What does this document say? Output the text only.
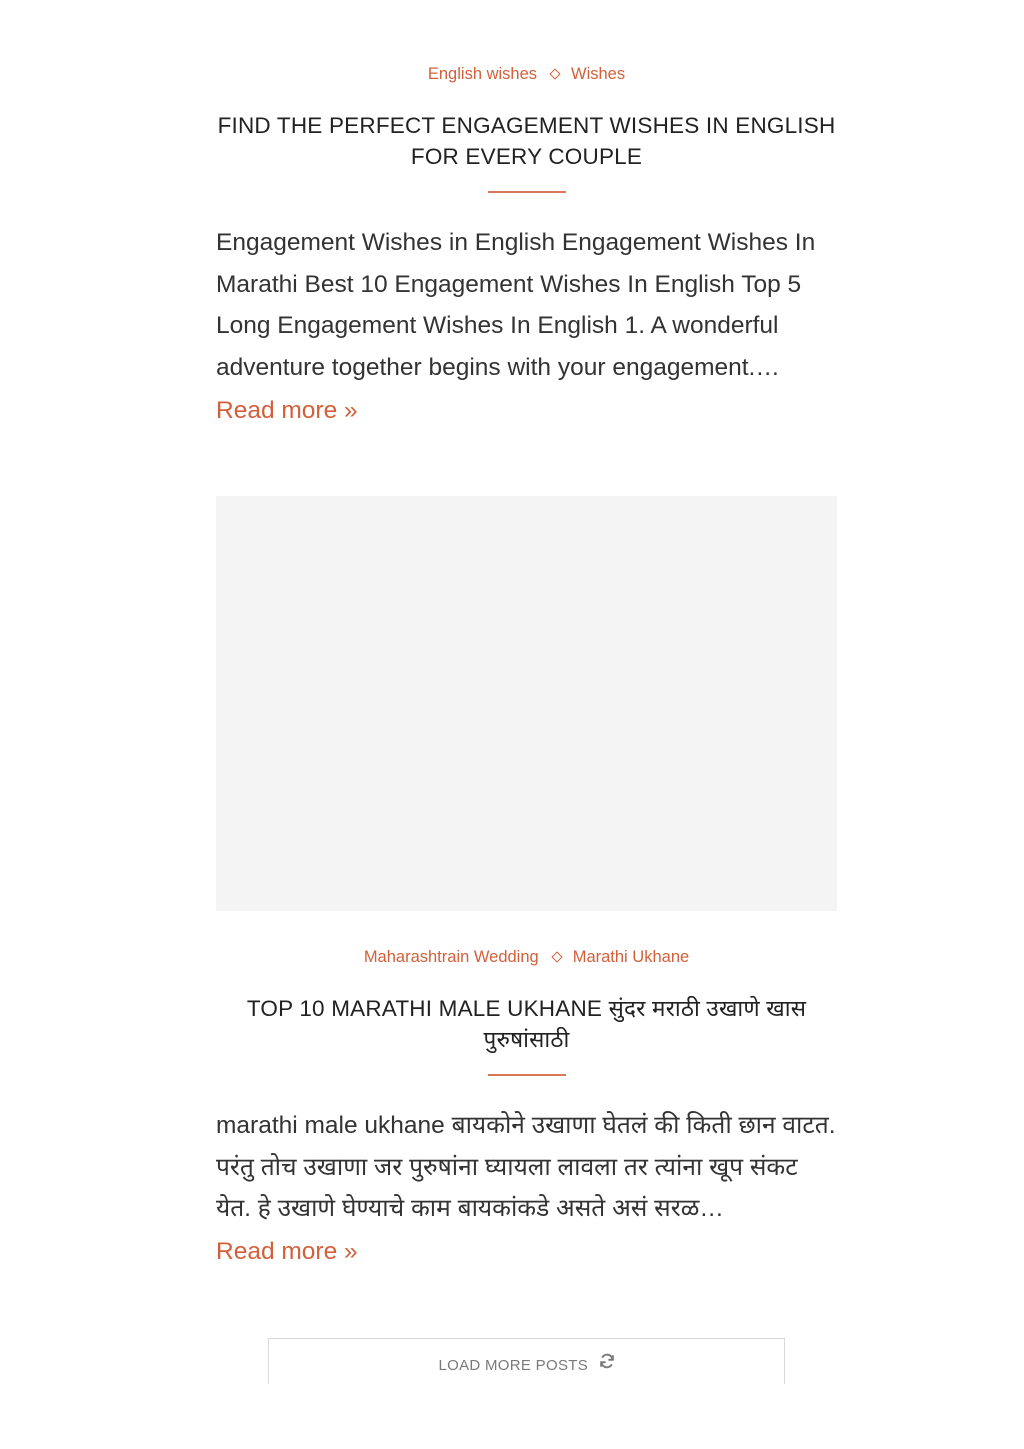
English wishes Wishes
FIND THE PERFECT ENGAGEMENT WISHES IN ENGLISH
FOR EVERY COUPLE

Engagement Wishes in English Engagement Wishes In Marathi Best 10 Engagement Wishes In English Top 5 Long Engagement Wishes In English 1. A wonderful adventure together begins with your engagement.…

Read more »
Maharashtrain Wedding Marathi Ukhane
TOP 10 MARATHI MALE UKHANE सुंदर मराठी उखाणे खास
पुरुषांसाठी

marathi male ukhane बायकोने उखाणा घेतलं की किती छान वाटत. परंतु तोच उखाणा जर पुरुषांना घ्यायला लावला तर त्यांना खूप संकट येत. हे उखाणे घेण्याचे काम बायकांकडे असते असं सरळ…

Read more »
LOAD MORE POSTS
